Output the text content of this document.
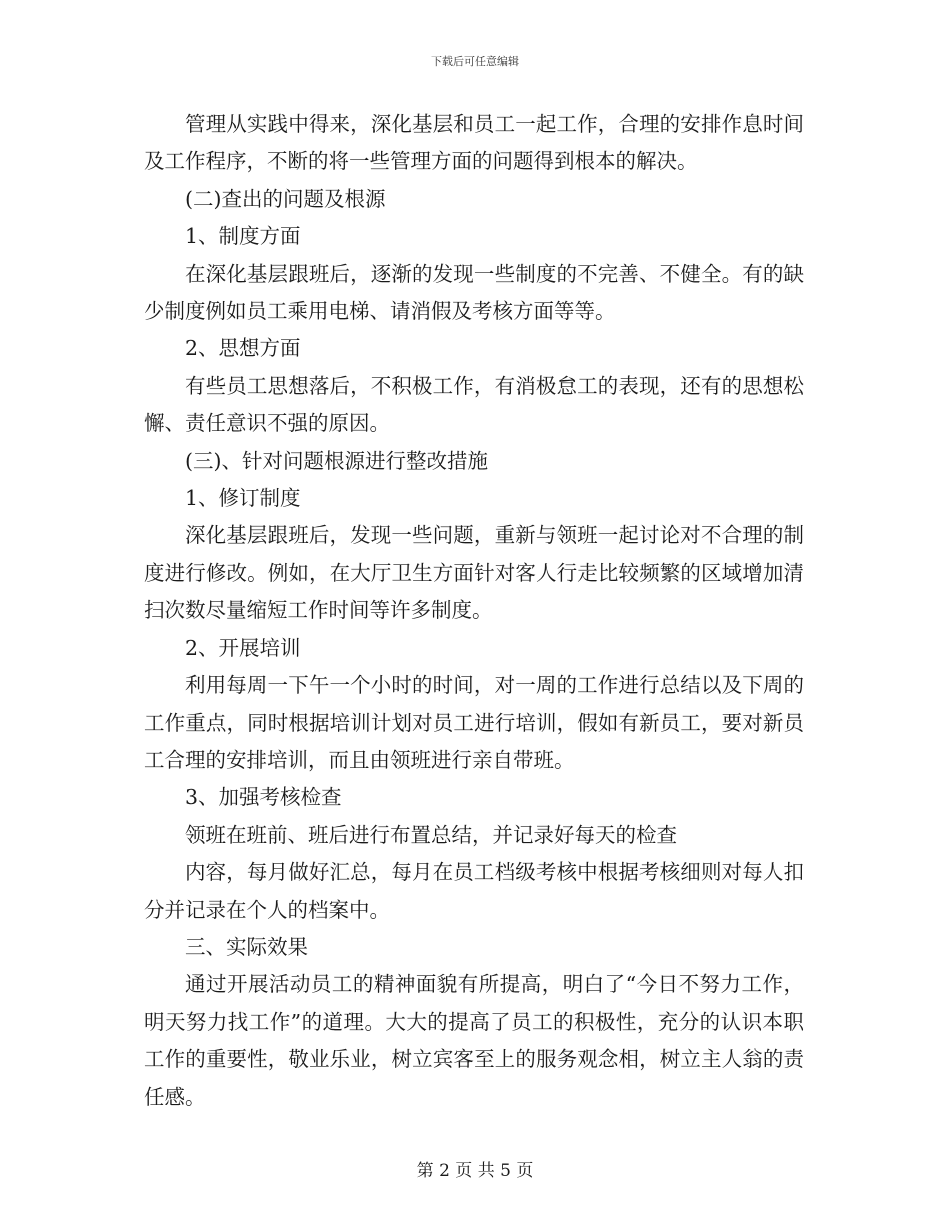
下载后可任意编辑

管理从实践中得来，深化基层和员工一起工作，合理的安排作息时间及工作程序，不断的将一些管理方面的问题得到根本的解决。

(二)查出的问题及根源

1、制度方面

在深化基层跟班后，逐渐的发现一些制度的不完善、不健全。有的缺少制度例如员工乘用电梯、请消假及考核方面等等。

2、思想方面

有些员工思想落后，不积极工作，有消极怠工的表现，还有的思想松懈、责任意识不强的原因。

(三)、针对问题根源进行整改措施

1、修订制度

深化基层跟班后，发现一些问题，重新与领班一起讨论对不合理的制度进行修改。例如，在大厅卫生方面针对客人行走比较频繁的区域增加清扫次数尽量缩短工作时间等许多制度。

2、开展培训

利用每周一下午一个小时的时间，对一周的工作进行总结以及下周的工作重点，同时根据培训计划对员工进行培训，假如有新员工，要对新员工合理的安排培训，而且由领班进行亲自带班。

3、加强考核检查

领班在班前、班后进行布置总结，并记录好每天的检查

内容，每月做好汇总，每月在员工档级考核中根据考核细则对每人扣分并记录在个人的档案中。

三、实际效果

通过开展活动员工的精神面貌有所提高，明白了“今日不努力工作，明天努力找工作”的道理。大大的提高了员工的积极性，充分的认识本职工作的重要性，敬业乐业，树立宾客至上的服务观念相，树立主人翁的责任感。

第 2 页 共 5 页
